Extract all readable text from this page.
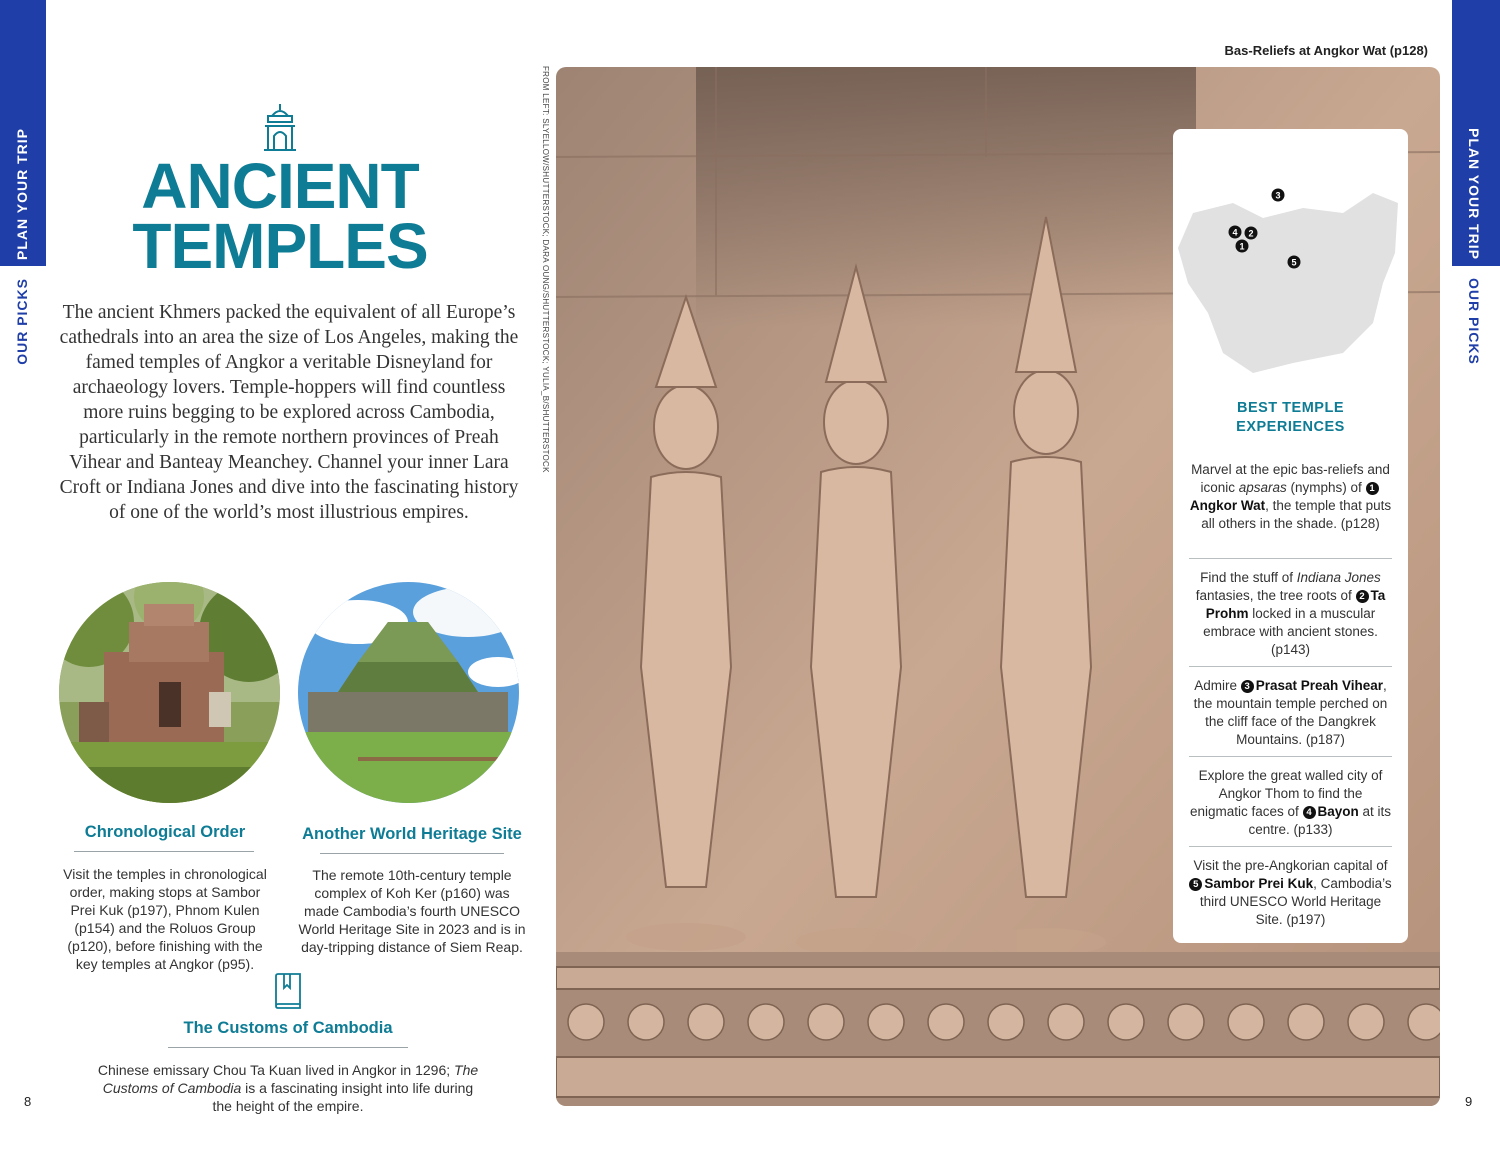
PLAN YOUR TRIP
OUR PICKS
8
PLAN YOUR TRIP
OUR PICKS
9
ANCIENT
TEMPLES

The ancient Khmers packed the equivalent of all Europe’s cathedrals into an area the size of Los Angeles, making the famed temples of Angkor a veritable Disneyland for archaeology lovers. Temple-hoppers will find countless more ruins begging to be explored across Cambodia, particularly in the remote northern provinces of Preah Vihear and Banteay Meanchey. Channel your inner Lara Croft or Indiana Jones and dive into the fascinating history of one of the world’s most illustrious empires.

Chronological Order

Visit the temples in chronological order, making stops at Sambor Prei Kuk (p197), Phnom Kulen (p154) and the Roluos Group (p120), before finishing with the key temples at Angkor (p95).

Another World Heritage Site

The remote 10th-century temple complex of Koh Ker (p160) was made Cambodia’s fourth UNESCO World Heritage Site in 2023 and is in day-tripping distance of Siem Reap.

The Customs of Cambodia

Chinese emissary Chou Ta Kuan lived in Angkor in 1296; The Customs of Cambodia is a fascinating insight into life during the height of the empire.

FROM LEFT: SLYELLOW/SHUTTERSTOCK; DARA OUNG/SHUTTERSTOCK; YULIA_B/SHUTTERSTOCK
Bas-Reliefs at Angkor Wat (p128)
3
4 2
1
5
BEST TEMPLE
EXPERIENCES

Marvel at the epic bas-reliefs and iconic apsaras (nymphs) of 1Angkor Wat, the temple that puts all others in the shade. (p128)

Find the stuff of Indiana Jones fantasies, the tree roots of 2 Ta Prohm locked in a muscular embrace with ancient stones. (p143)

Admire 3 Prasat Preah Vihear, the mountain temple perched on the cliff face of the Dangkrek Mountains. (p187)

Explore the great walled city of Angkor Thom to find the enigmatic faces of 4 Bayon at its centre. (p133)

Visit the pre-Angkorian capital of 5 Sambor Prei Kuk, Cambodia’s third UNESCO World Heritage Site. (p197)
